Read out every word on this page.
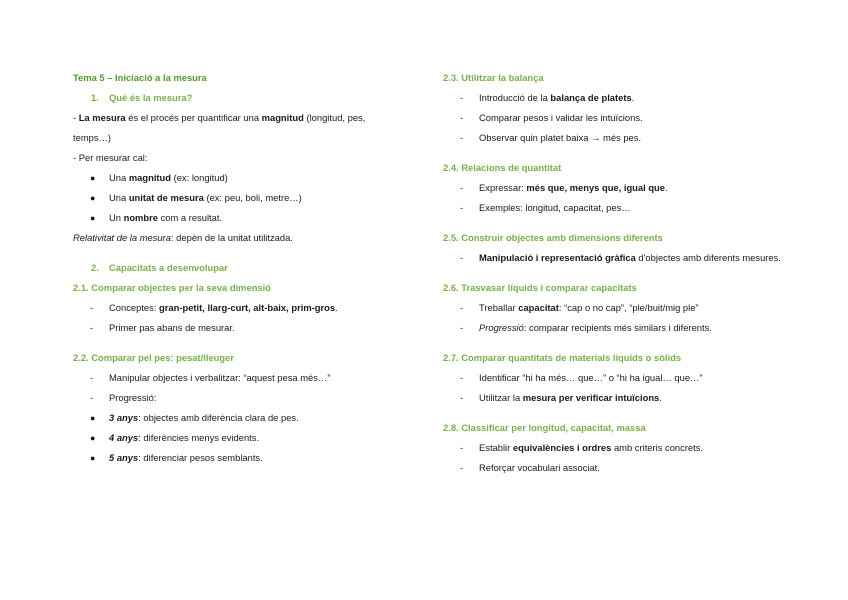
Tema 5 – Iniciació a la mesura
1. Què és la mesura?
- La mesura és el procés per quantificar una magnitud (longitud, pes, temps…)
- Per mesurar cal:
●	Una magnitud (ex: longitud)
●	Una unitat de mesura (ex: peu, boli, metre…)
●	Un nombre com a resultat.
Relativitat de la mesura: depèn de la unitat utilitzada.
2. Capacitats a desenvolupar
2.1. Comparar objectes per la seva dimensió
-	Conceptes: gran-petit, llarg-curt, alt-baix, prim-gros.
-	Primer pas abans de mesurar.
2.2. Comparar pel pes: pesat/lleuger
-	Manipular objectes i verbalitzar: “aquest pesa més…”
-	Progressió:
●	3 anys: objectes amb diferència clara de pes.
●	4 anys: diferències menys evidents.
●	5 anys: diferenciar pesos semblants.
2.3. Utilitzar la balança
-	Introducció de la balança de platets.
-	Comparar pesos i validar les intuïcions.
-	Observar quin platet baixa → més pes.
2.4. Relacions de quantitat
-	Expressar: més que, menys que, igual que.
-	Exemples: longitud, capacitat, pes…
2.5. Construir objectes amb dimensions diferents
-	Manipulació i representació gràfica d'objectes amb diferents mesures.
2.6. Trasvasar líquids i comparar capacitats
-	Treballar capacitat: “cap o no cap”, “ple/buit/mig ple”
-	Progressió: comparar recipients més similars i diferents.
2.7. Comparar quantitats de materials líquids o sòlids
-	Identificar “hi ha més… que…” o “hi ha igual… que…”
-	Utilitzar la mesura per verificar intuïcions.
2.8. Classificar per longitud, capacitat, massa
-	Establir equivalències i ordres amb criteris concrets.
-	Reforçar vocabulari associat.
